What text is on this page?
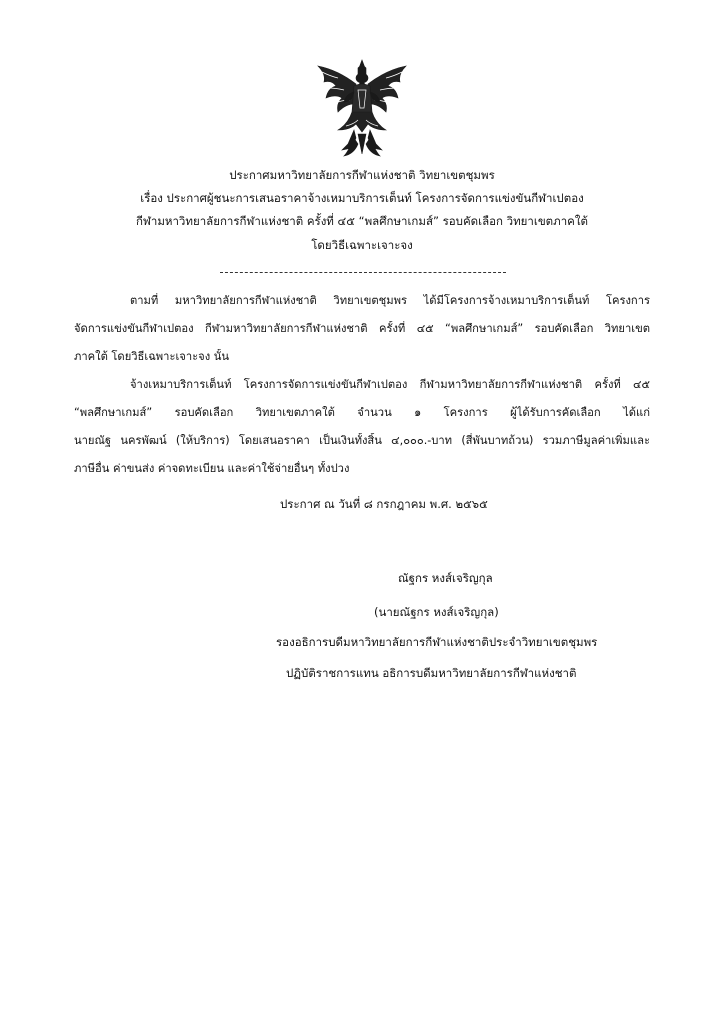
ประกาศมหาวิทยาลัยการกีฬาแห่งชาติ วิทยาเขตชุมพร
เรื่อง ประกาศผู้ชนะการเสนอราคาจ้างเหมาบริการเต็นท์ โครงการจัดการแข่งขันกีฬาเปตอง
กีฬามหาวิทยาลัยการกีฬาแห่งชาติ ครั้งที่ ๔๕ “พลศึกษาเกมส์” รอบคัดเลือก วิทยาเขตภาคใต้
โดยวิธีเฉพาะเจาะจง
ตามที่ มหาวิทยาลัยการกีฬาแห่งชาติ วิทยาเขตชุมพร ได้มีโครงการจ้างเหมาบริการเต็นท์ โครงการ
จัดการแข่งขันกีฬาเปตอง กีฬามหาวิทยาลัยการกีฬาแห่งชาติ ครั้งที่ ๔๕ “พลศึกษาเกมส์” รอบคัดเลือก วิทยาเขต
ภาคใต้ โดยวิธีเฉพาะเจาะจง นั้น
จ้างเหมาบริการเต็นท์ โครงการจัดการแข่งขันกีฬาเปตอง กีฬามหาวิทยาลัยการกีฬาแห่งชาติ ครั้งที่ ๔๕
“พลศึกษาเกมส์” รอบคัดเลือก วิทยาเขตภาคใต้ จำนวน ๑ โครงการ ผู้ได้รับการคัดเลือก ได้แก่
นายณัฐ นครพัฒน์ (ให้บริการ) โดยเสนอราคา เป็นเงินทั้งสิ้น ๔,๐๐๐.-บาท (สี่พันบาทถ้วน) รวมภาษีมูลค่าเพิ่มและ
ภาษีอื่น ค่าขนส่ง ค่าจดทะเบียน และค่าใช้จ่ายอื่นๆ ทั้งปวง
ประกาศ ณ วันที่ ๘ กรกฎาคม พ.ศ. ๒๕๖๕
ณัฐกร หงส์เจริญกุล
(นายณัฐกร หงส์เจริญกุล)
รองอธิการบดีมหาวิทยาลัยการกีฬาแห่งชาติประจำวิทยาเขตชุมพร
ปฏิบัติราชการแทน อธิการบดีมหาวิทยาลัยการกีฬาแห่งชาติ
